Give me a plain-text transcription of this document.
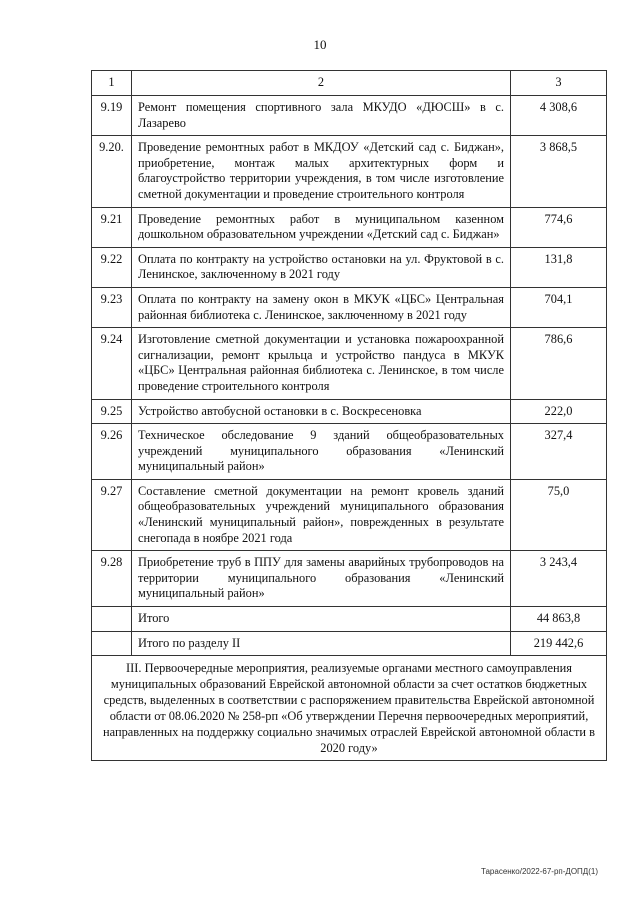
10
1	2	3
9.19	Ремонт помещения спортивного зала МКУДО «ДЮСШ» в с. Лазарево	4 308,6
9.20.	Проведение ремонтных работ в МКДОУ «Детский сад с. Биджан», приобретение, монтаж малых архитектурных форм и благоустройство территории учреждения, в том числе изготовление сметной документации и проведение строительного контроля	3 868,5
9.21	Проведение ремонтных работ в муниципальном казенном дошкольном образовательном учреждении «Детский сад с. Биджан»	774,6
9.22	Оплата по контракту на устройство остановки на ул. Фруктовой в с. Ленинское, заключенному в 2021 году	131,8
9.23	Оплата по контракту на замену окон в МКУК «ЦБС» Центральная районная библиотека с. Ленинское, заключенному в 2021 году	704,1
9.24	Изготовление сметной документации и установка пожароохранной сигнализации, ремонт крыльца и устройство пандуса в МКУК «ЦБС» Центральная районная библиотека с. Ленинское, в том числе проведение строительного контроля	786,6
9.25	Устройство автобусной остановки в с. Воскресеновка	222,0
9.26	Техническое обследование 9 зданий общеобразовательных учреждений муниципального образования «Ленинский муниципальный район»	327,4
9.27	Составление сметной документации на ремонт кровель зданий общеобразовательных учреждений муниципального образования «Ленинский муниципальный район», поврежденных в результате снегопада в ноябре 2021 года	75,0
9.28	Приобретение труб в ППУ для замены аварийных трубопроводов на территории муниципального образования «Ленинский муниципальный район»	3 243,4
	Итого	44 863,8
	Итого по разделу II	219 442,6
III. Первоочередные мероприятия, реализуемые органами местного самоуправления муниципальных образований Еврейской автономной области за счет остатков бюджетных средств, выделенных в соответствии с распоряжением правительства Еврейской автономной области от 08.06.2020 № 258-рп «Об утверждении Перечня первоочередных мероприятий, направленных на поддержку социально значимых отраслей Еврейской автономной области в 2020 году»		
Тарасенко/2022-67-рп-ДОПД(1)
